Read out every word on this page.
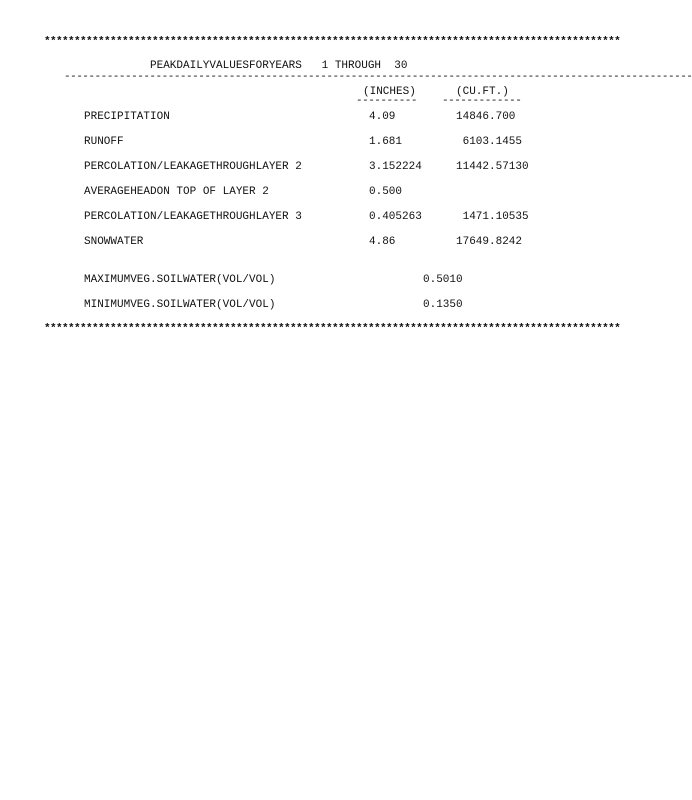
************************************************************************************************
PEAKDAILYVALUESFORYEARS   1 THROUGH  30
-------------------------------------------------------------------------------------------------------
(INCHES)	(CU.FT.)
----------	-------------
PRECIPITATION	4.09	14846.700
RUNOFF	1.681	6103.1455
PERCOLATION/LEAKAGETHROUGHLAYER 2	3.152224	11442.57130
AVERAGEHEADON TOP OF LAYER 2	0.500
PERCOLATION/LEAKAGETHROUGHLAYER 3	0.405263	1471.10535
SNOWWATER	4.86	17649.8242
MAXIMUMVEG.SOILWATER(VOL/VOL)	0.5010
MINIMUMVEG.SOILWATER(VOL/VOL)	0.1350
************************************************************************************************
